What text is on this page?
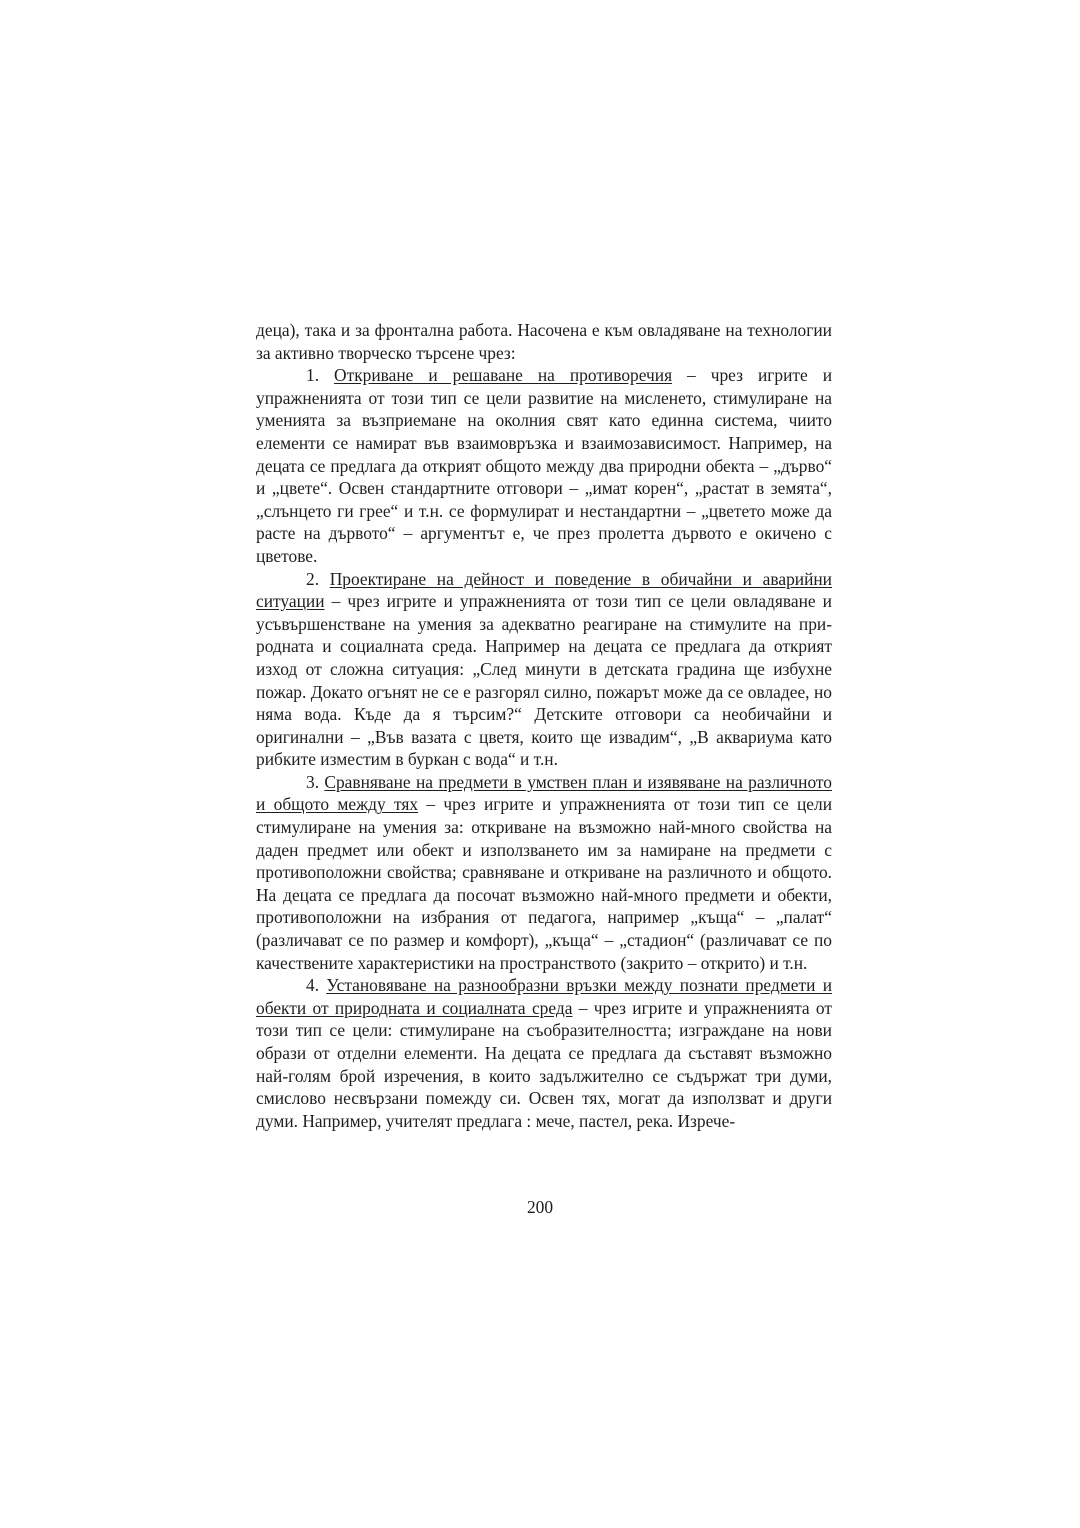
деца), така и за фронтална работа. Насочена е към овладяване на технологии за активно творческо търсене чрез:

1. Откриване и решаване на противоречия – чрез игрите и упражненията от този тип се цели развитие на мисленето, стимулиране на уменията за възприемане на околния свят като единна система, чиито елементи се намират във взаимовръзка и взаимозависимост. Например, на децата се предлага да открият общото между два природни обекта – „дърво“ и „цвете“. Освен стандартните отговори – „имат корен“, „растат в земята“, „слънцето ги грее“ и т.н. се формулират и нестандартни – „цветето може да расте на дървото“ – аргументът е, че през пролетта дървото е окичено с цветове.

2. Проектиране на дейност и поведение в обичайни и аварийни ситуации – чрез игрите и упражненията от този тип се цели овладяване и усъвършенстване на умения за адекватно реагиране на стимулите на природната и социалната среда. Например на децата се предлага да открият изход от сложна ситуация: „След минути в детската градина ще избухне пожар. Докато огънят не се е разгорял силно, пожарът може да се овладее, но няма вода. Къде да я търсим?“ Детските отговори са необичайни и оригинални – „Във вазата с цветя, които ще извадим“, „В аквариума като рибките изместим в буркан с вода“ и т.н.

3. Сравняване на предмети в умствен план и изявяване на различното и общото между тях – чрез игрите и упражненията от този тип се цели стимулиране на умения за: откриване на възможно най-много свойства на даден предмет или обект и използването им за намиране на предмети с противоположни свойства; сравняване и откриване на различното и общото. На децата се предлага да посочат възможно най-много предмети и обекти, противоположни на избрания от педагога, например „къща“ – „палат“ (различават се по размер и комфорт), „къща“ – „стадион“ (различават се по качествените характеристики на пространството (закрито – открито) и т.н.

4. Установяване на разнообразни връзки между познати предмети и обекти от природната и социалната среда – чрез игрите и упражненията от този тип се цели: стимулиране на съобразителността; изграждане на нови образи от отделни елементи. На децата се предлага да съставят възможно най-голям брой изречения, в които задължително се съдържат три думи, смислово несвързани помежду си. Освен тях, могат да използват и други думи. Например, учителят предлага : мече, пастел, река. Изрече-

200
